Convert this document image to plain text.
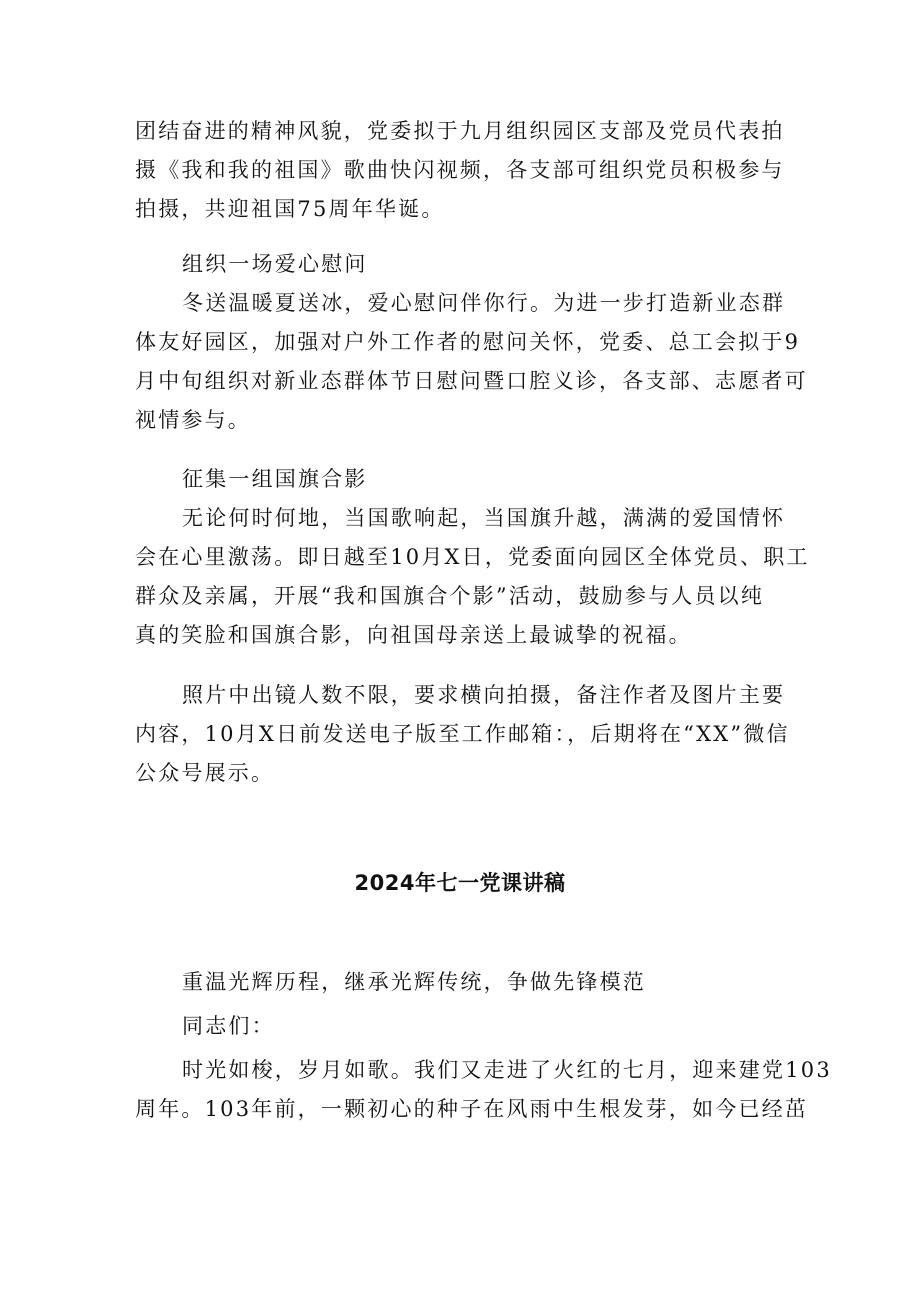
团结奋进的精神风貌，党委拟于九月组织园区支部及党员代表拍
摄《我和我的祖国》歌曲快闪视频，各支部可组织党员积极参与
拍摄，共迎祖国75周年华诞。

组织一场爱心慰问

冬送温暖夏送冰，爱心慰问伴你行。为进一步打造新业态群
体友好园区，加强对户外工作者的慰问关怀，党委、总工会拟于9
月中旬组织对新业态群体节日慰问暨口腔义诊，各支部、志愿者可
视情参与。

征集一组国旗合影

无论何时何地，当国歌响起，当国旗升越，满满的爱国情怀
会在心里激荡。即日越至10月X日，党委面向园区全体党员、职工
群众及亲属，开展“我和国旗合个影”活动，鼓励参与人员以纯
真的笑脸和国旗合影，向祖国母亲送上最诚挚的祝福。

照片中出镜人数不限，要求横向拍摄，备注作者及图片主要
内容，10月X日前发送电子版至工作邮箱：，后期将在“XX”微信
公众号展示。

2024年七一党课讲稿

重温光辉历程，继承光辉传统，争做先锋模范

同志们：

时光如梭，岁月如歌。我们又走进了火红的七月，迎来建党103
周年。103年前，一颗初心的种子在风雨中生根发芽，如今已经茁
